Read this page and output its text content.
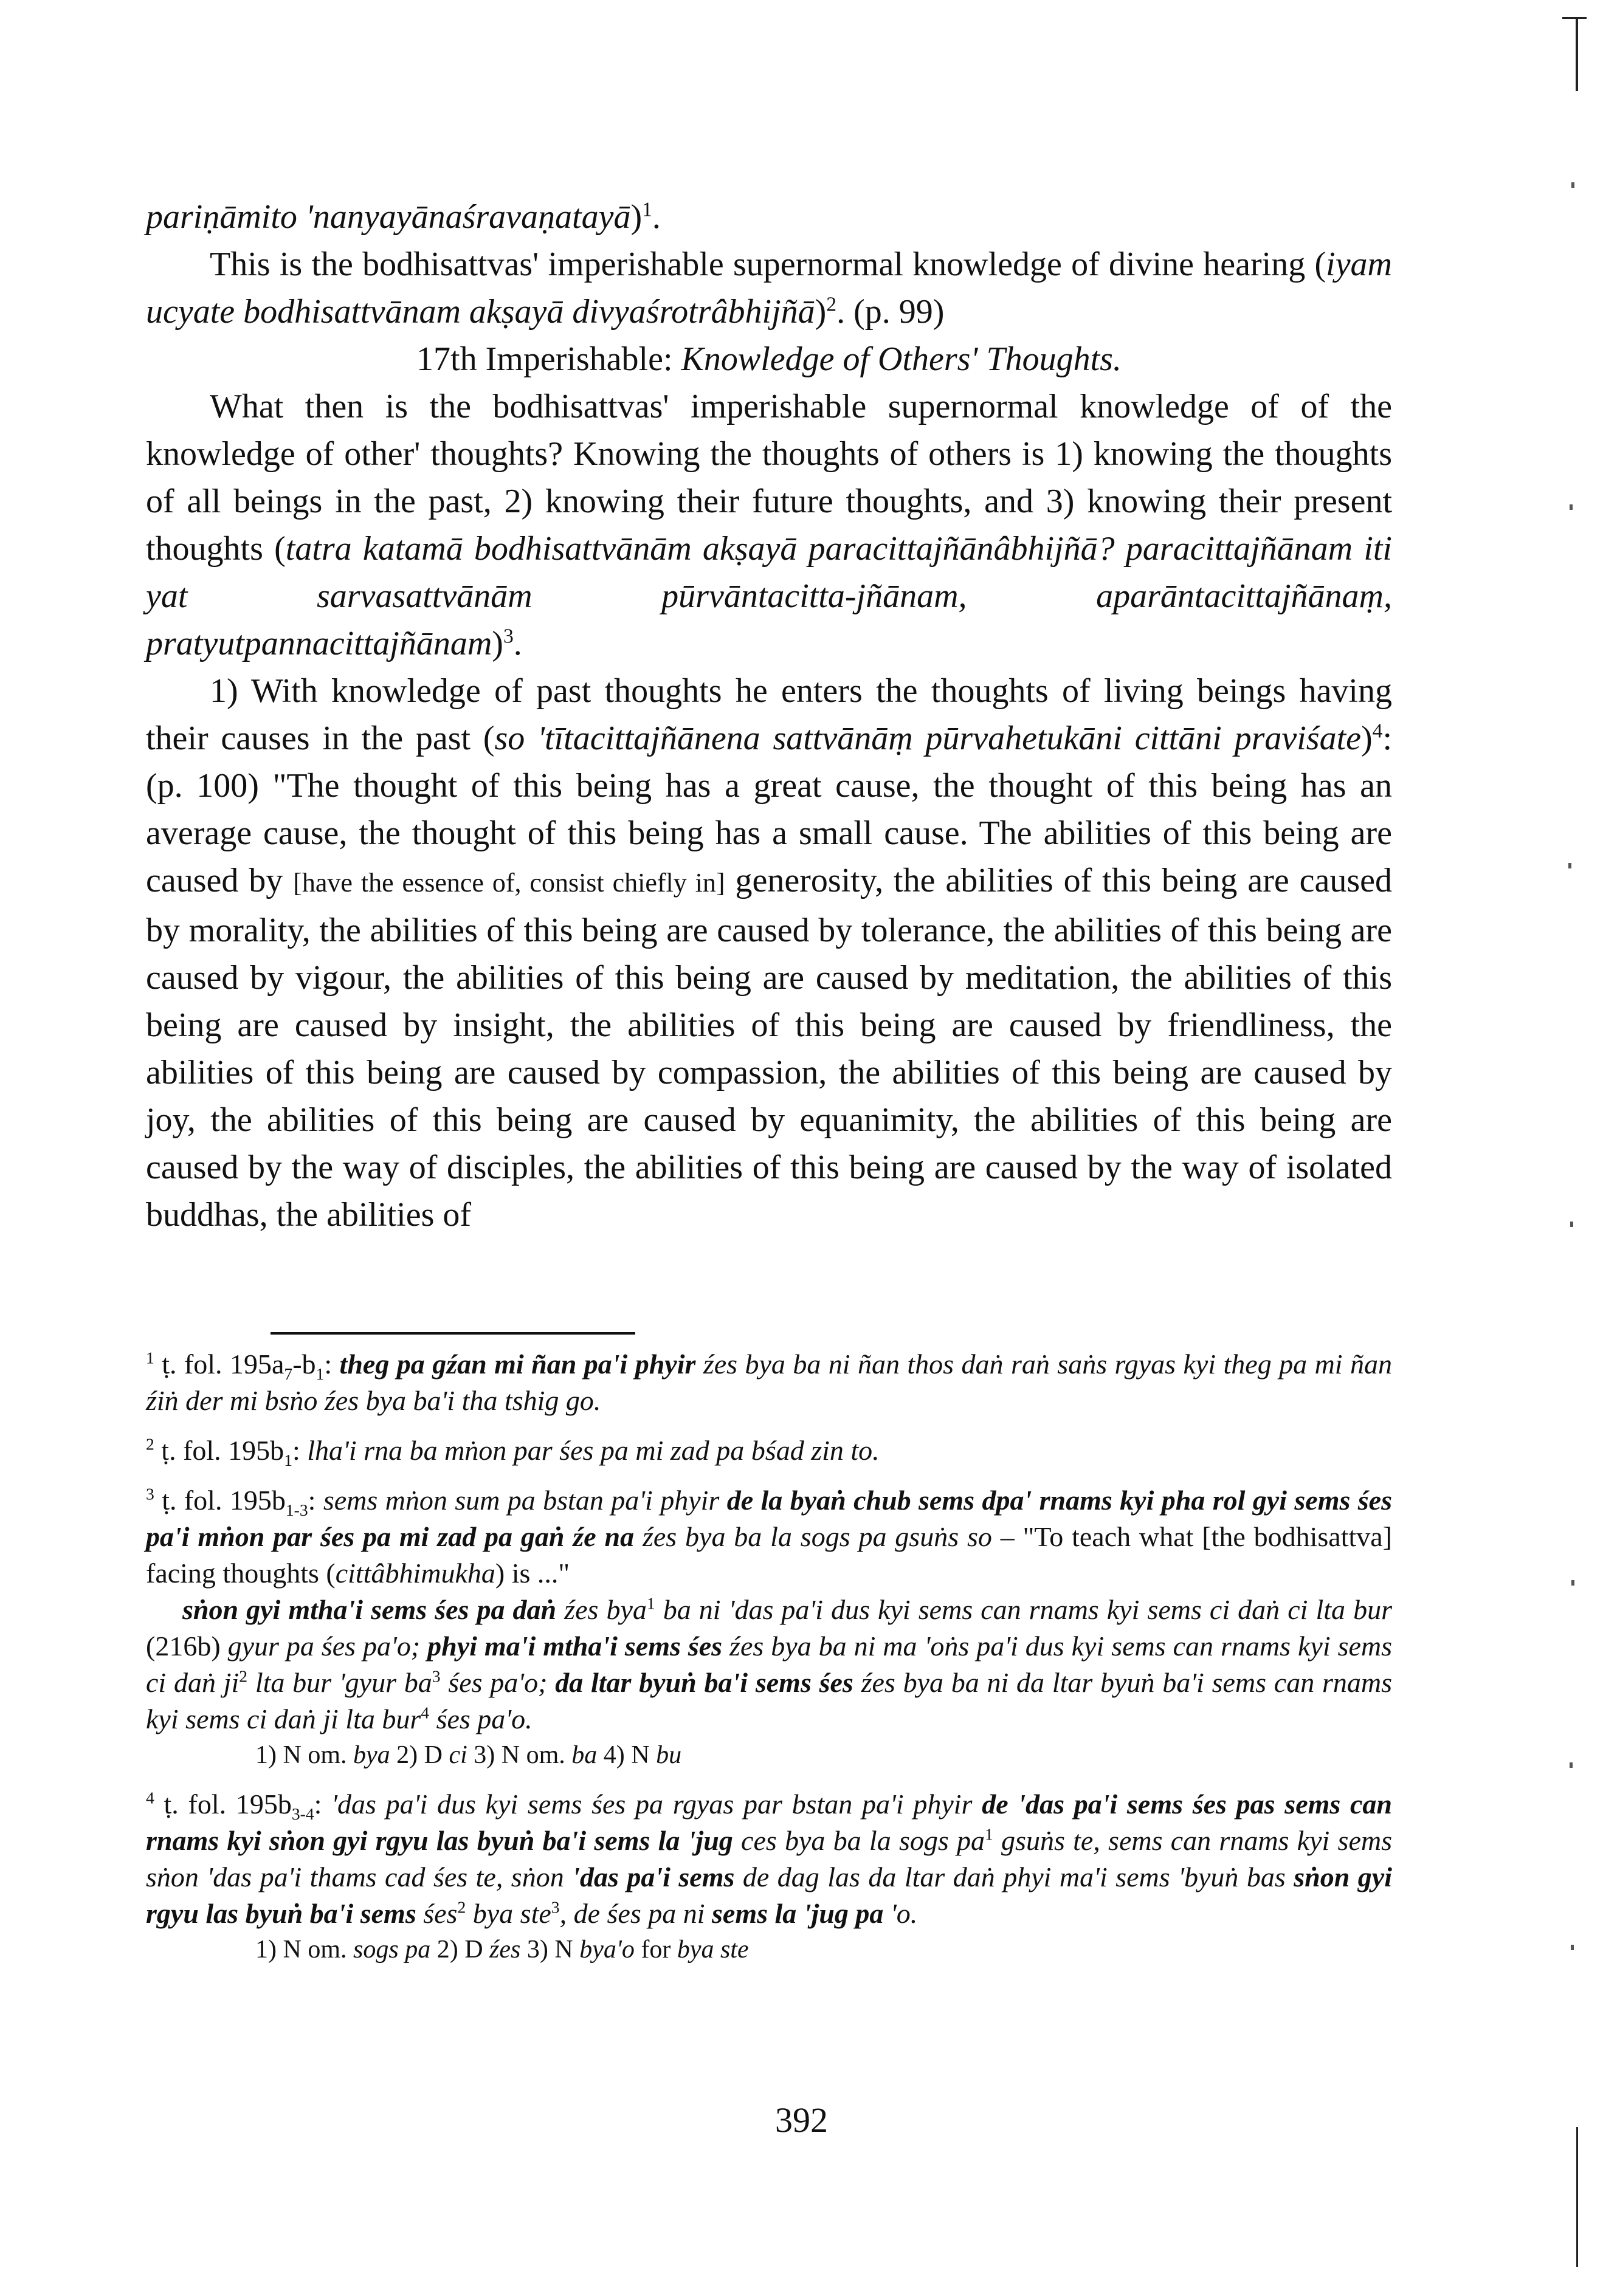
pariṇāmito 'nanyayānaśravaṇatayā)$^1$.

This is the bodhisattvas' imperishable supernormal knowledge of divine hearing (iyam ucyate bodhisattvānam akṣayā divyaśrotrâbhijñā)$^2$. (p. 99)

17th Imperishable: Knowledge of Others' Thoughts.

What then is the bodhisattvas' imperishable supernormal knowledge of of the knowledge of other' thoughts? Knowing the thoughts of others is 1) knowing the thoughts of all beings in the past, 2) knowing their future thoughts, and 3) knowing their present thoughts (tatra katamā bodhisattvānām akṣayā paracittajñānâbhijñā? paracittajñānam iti yat sarvasattvānām pūrvāntacitta-jñānam, aparāntacittajñānaṃ, pratyutpannacittajñānam)$^3$.

1) With knowledge of past thoughts he enters the thoughts of living beings having their causes in the past (so 'tītacittajñānena sattvānāṃ pūrvahetukāni cittāni praviśate)$^4$: (p. 100) "The thought of this being has a great cause, the thought of this being has an average cause, the thought of this being has a small cause. The abilities of this being are caused by [have the essence of, consist chiefly in] generosity, the abilities of this being are caused by morality, the abilities of this being are caused by tolerance, the abilities of this being are caused by vigour, the abilities of this being are caused by meditation, the abilities of this being are caused by insight, the abilities of this being are caused by friendliness, the abilities of this being are caused by compassion, the abilities of this being are caused by joy, the abilities of this being are caused by equanimity, the abilities of this being are caused by the way of disciples, the abilities of this being are caused by the way of isolated buddhas, the abilities of

$^1$ ṭ. fol. $195a_7-b_1$: theg pa gźan mi ñan pa'i phyir źes bya ba ni ñan thos daṅ raṅ saṅs rgyas kyi theg pa mi ñan źiṅ der mi bsṅo źes bya ba'i tha tshig go.

$^2$ ṭ. fol. $195b_1$: lha'i rna ba mṅon par śes pa mi zad pa bśad zin to.

$^3$ ṭ. fol. $195b_{1-3}$: sems mṅon sum pa bstan pa'i phyir de la byaṅ chub sems dpa' rnams kyi pha rol gyi sems śes pa'i mṅon par śes pa mi zad pa gaṅ źe na źes bya ba la sogs pa gsuṅs so – "To teach what [the bodhisattva] facing thoughts (cittâbhimukha) is ..."

sṅon gyi mtha'i sems śes pa daṅ źes bya$^1$ ba ni 'das pa'i dus kyi sems can rnams kyi sems ci daṅ ci lta bur (216b) gyur pa śes pa'o; phyi ma'i mtha'i sems śes źes bya ba ni ma 'oṅs pa'i dus kyi sems can rnams kyi sems ci daṅ $ji^2$ lta bur 'gyur $ba^3$ śes pa'o; da ltar byuṅ ba'i sems śes źes bya ba ni da ltar byuṅ ba'i sems can rnams kyi sems ci daṅ ji lta bur$^4$ śes pa'o.

1) N om. bya 2) D ci 3) N om. ba 4) N bu

$^4$ ṭ. fol. $195b_{3-4}$: 'das pa'i dus kyi sems śes pa rgyas par bstan pa'i phyir de 'das pa'i sems śes pas sems can rnams kyi sṅon gyi rgyu las byuṅ ba'i sems la 'jug ces bya ba la sogs $pa^1$ gsuṅs te, sems can rnams kyi sems sṅon 'das pa'i thams cad śes te, sṅon 'das pa'i sems de dag las da ltar daṅ phyi ma'i sems 'byuṅ bas sṅon gyi rgyu las byuṅ ba'i sems śes$^2$ bya ste$^3$, de śes pa ni sems la 'jug pa 'o.

1) N om. sogs pa 2) D źes 3) N bya'o for bya ste

392
